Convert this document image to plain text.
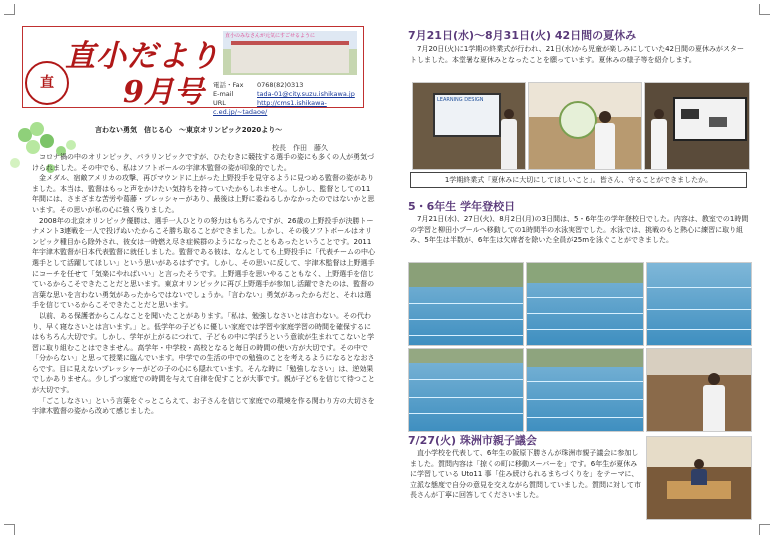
直小だより
9月号
直
直小のみなさんが元気にすごせるように
電話・Fax 0768(82)0313
E-mail	tada-01@city.suzu.ishikawa.jp
URL	http://cms1.ishikawa-c.ed.jp/~tadaoe/
言わない勇気　信じる心　～東京オリンピック2020より～
校長　作田　藤久

コロナ禍の中のオリンピック、パラリンピックですが、ひたむきに競技する選手の姿にも多くの人が勇気づけられました。その中でも、私はソフトボールの宇津木監督の姿が印象的でした。

金メダル、宿敵アメリカの攻撃、再びマウンドに上がった上野投手を見守るように見つめる監督の姿がありました。本当は、監督はもっと声をかけたい気持ちを持っていたかもしれません。しかし、監督としての11年間には、さまざまな苦労や葛藤・プレッシャーがあり、最後は上野に委ねるしかなかったのではないかと思います。その思いが私の心に強く残りました。

2008年の北京オリンピック優勝は、選手一人ひとりの努力はもちろんですが、26歳の上野投手が決勝トーナメント3連戦を一人で投げぬいたからこそ勝ち取ることができました。しかし、その後ソフトボールはオリンピック種目から除外され、彼女は一時燃え尽き症候群のようになったこともあったということです。2011年宇津木監督が日本代表監督に就任しました。監督である彼は、なんとしても上野投手に「代表チームの中心選手として活躍してほしい」という思いがあるはずです。しかし、その思いに反して、宇津木監督は上野選手にコーチを任せて「気楽にやればいい」と言ったそうです。上野選手を思いやることもなく、上野選手を信じているからこそできたことだと思います。東京オリンピックに再び上野選手が参加し活躍できたのは、監督の言葉な思いを言わない勇気があったからではないでしょうか。「言わない」勇気があったからだと、それは選手を信じているからこそできたことだと思います。

以前、ある保護者からこんなことを聞いたことがあります。「私は、勉強しなさいとは言わない。その代わり、早く寝なさいとは言います。」と。低学年の子どもに優しい家庭では学習や家庭学習の時間を確保するにはもちろん大切です。しかし、学年が上がるにつれて、子どもの中に学ぼうという意欲が生まれてこないと学習に取り組むことはできません。高学年・中学校・高校となると毎日の時間の使い方が大切です。その中で「分からない」と思って授業に臨んでいます。中学での生活の中での勉強のことを考えるようになるとなおさらです。目に見えないプレッシャーがどの子の心にも隠れています。そんな時に「勉強しなさい」は、逆効果でしかありません。少しずつ家庭での時間を与えて自律を促すことが大事です。親が子どもを信じて待つことが大切です。

「ごこしなさい」という言葉をぐっとこらえて、お子さんを信じて家庭での環境を作る関わり方の大切さを宇津木監督の姿から改めて感じました。

7月21日(水)～8月31日(火) 42日間の夏休み

7月20日(火)に1学期の終業式が行われ、21日(水)から児童が楽しみにしていた42日間の夏休みがスタートしました。本堂暑な夏休みとなったことを願っています。夏休みの様子等を紹介します。

LEARNING DESIGN
1学期終業式「夏休みに大切にしてほしいこと」。皆さん、守ることができましたか。
5・6年生 学年登校日

7月21日(水)、27日(火)、8月2日(月)の3日間は、5・6年生の学年登校日でした。内容は、教室での1時間の学習と柳田小プールへ移動しての1時間半の水泳実習でした。水泳では、挑戦のもと熱心に練習に取り組み、5年生は半数が、6年生は欠席者を除いた全員が25mを泳ぐことができました。

7/27(火) 珠洲市親子議会

直小学校を代表して、6年生の阪原下勝さんが珠洲市親子議会に参加しました。質問内容は「掠くの町に移動スーパーを」です。6年生が夏休みに学習している Uto11 事「住み続けられるまちづくりを」をテーマに、立派な態度で自分の意見を交えながら質問していました。質問に対して市長さんが丁寧に回答してくださいました。
